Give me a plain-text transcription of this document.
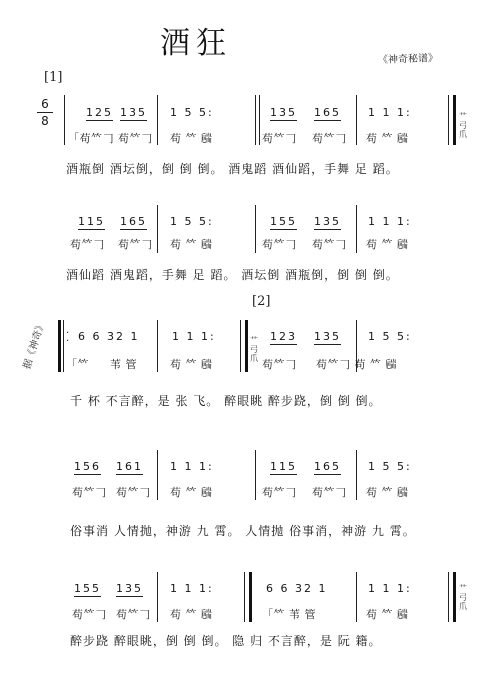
酒狂	《神奇秘谱》
[1]
[2]
6
8
据《神奇》
125 135 1 5 5:	135 165 1 1 1:
「苟𥫗𠃌 苟𥫗𠃌 苟 𥫗 𦓝	苟𥫗𠃌 苟𥫗𠃌 苟 𥫗 𦓝
艹 弓 爪
酒瓶倒 酒坛倒，倒 倒 倒。 酒鬼蹈 酒仙蹈，手舞 足 蹈。
115 165 1 5 5:	155 135 1 1 1:
苟𥫗𠃌 苟𥫗𠃌 苟 𥫗 𦓝	苟𥫗𠃌 苟𥫗𠃌 苟 𥫗 𦓝
酒仙蹈 酒鬼蹈，手舞 足 蹈。 酒坛倒 酒瓶倒，倒 倒 倒。
·
· 6 6 32 1	1 1 1:	123 135 1 5 5:
「𥫗 苇 管	苟 𥫗 𦓝	苟𥫗𠃌 苟𥫗𠃌 苟 𥫗 𦓝
艹 弓 爪
千 杯 不言醉，是 张 飞。 醉眼眺 醉步跷，倒 倒 倒。
156 161 1 1 1:	115 165 1 5 5:
苟𥫗𠃌 苟𥫗𠃌 苟 𥫗 𦓝	苟𥫗𠃌 苟𥫗𠃌 苟 𥫗 𦓝
俗事消 人情抛，神游 九 霄。 人情抛 俗事消，神游 九 霄。
155 135 1 1 1:	6 6 32 1	1 1 1:
苟𥫗𠃌 苟𥫗𠃌 苟 𥫗 𦓝	「𥫗 苇 管	苟 𥫗 𦓝
艹 弓 爪
醉步跷 醉眼眺，倒 倒 倒。 隐 归 不言醉，是 阮 籍。
